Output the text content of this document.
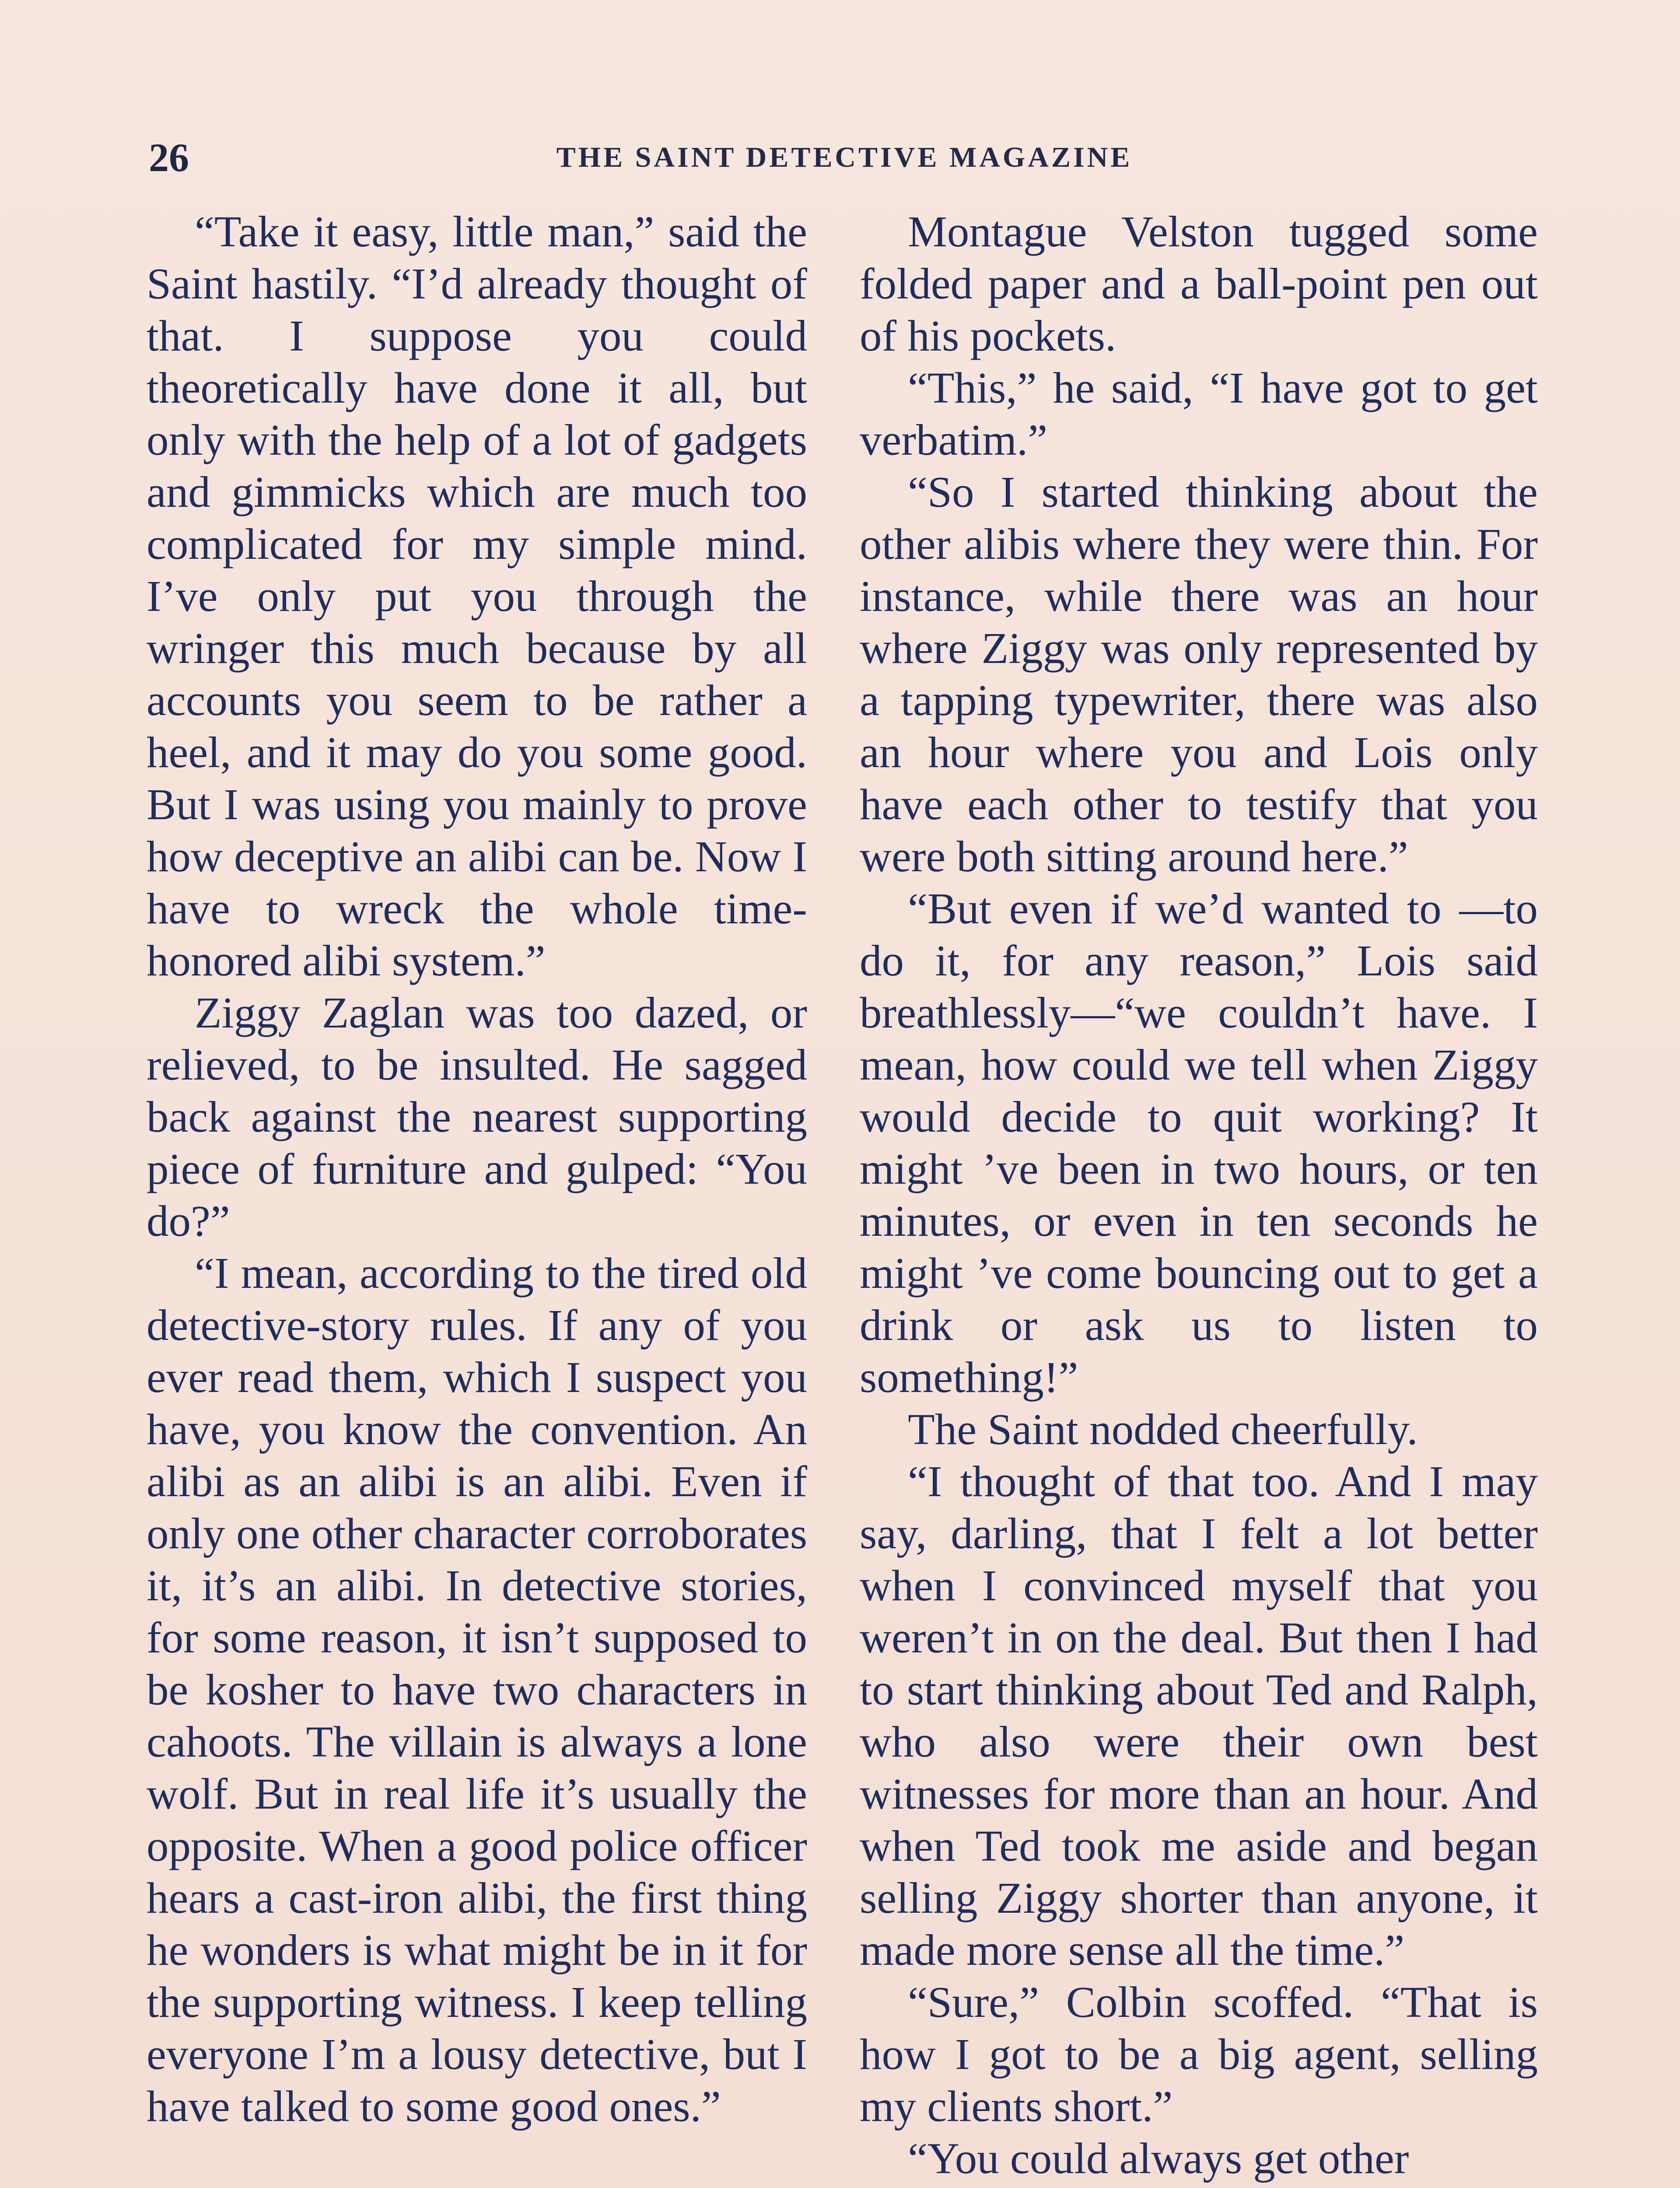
26	THE SAINT DETECTIVE MAGAZINE

“Take it easy, little man,” said the Saint hastily. “I’d already thought of that. I suppose you could theoretically have done it all, but only with the help of a lot of gadgets and gimmicks which are much too complicated for my simple mind. I’ve only put you through the wringer this much because by all accounts you seem to be rather a heel, and it may do you some good. But I was using you mainly to prove how deceptive an alibi can be. Now I have to wreck the whole time-honored alibi system.”

Ziggy Zaglan was too dazed, or relieved, to be insulted. He sagged back against the nearest supporting piece of furniture and gulped: “You do?”

“I mean, according to the tired old detective-story rules. If any of you ever read them, which I suspect you have, you know the convention. An alibi as an alibi is an alibi. Even if only one other character corroborates it, it’s an alibi. In detective stories, for some reason, it isn’t supposed to be kosher to have two characters in cahoots. The villain is always a lone wolf. But in real life it’s usually the opposite. When a good police officer hears a cast-iron alibi, the first thing he wonders is what might be in it for the supporting witness. I keep telling everyone I’m a lousy detective, but I have talked to some good ones.”

Montague Velston tugged some folded paper and a ball-point pen out of his pockets.

“This,” he said, “I have got to get verbatim.”

“So I started thinking about the other alibis where they were thin. For instance, while there was an hour where Ziggy was only represented by a tapping typewriter, there was also an hour where you and Lois only have each other to testify that you were both sitting around here.”

“But even if we’d wanted to —to do it, for any reason,” Lois said breathlessly—“we couldn’t have. I mean, how could we tell when Ziggy would decide to quit working? It might ’ve been in two hours, or ten minutes, or even in ten seconds he might ’ve come bouncing out to get a drink or ask us to listen to something!”

The Saint nodded cheerfully.

“I thought of that too. And I may say, darling, that I felt a lot better when I convinced myself that you weren’t in on the deal. But then I had to start thinking about Ted and Ralph, who also were their own best witnesses for more than an hour. And when Ted took me aside and began selling Ziggy shorter than anyone, it made more sense all the time.”

“Sure,” Colbin scoffed. “That is how I got to be a big agent, selling my clients short.”

“You could always get other
